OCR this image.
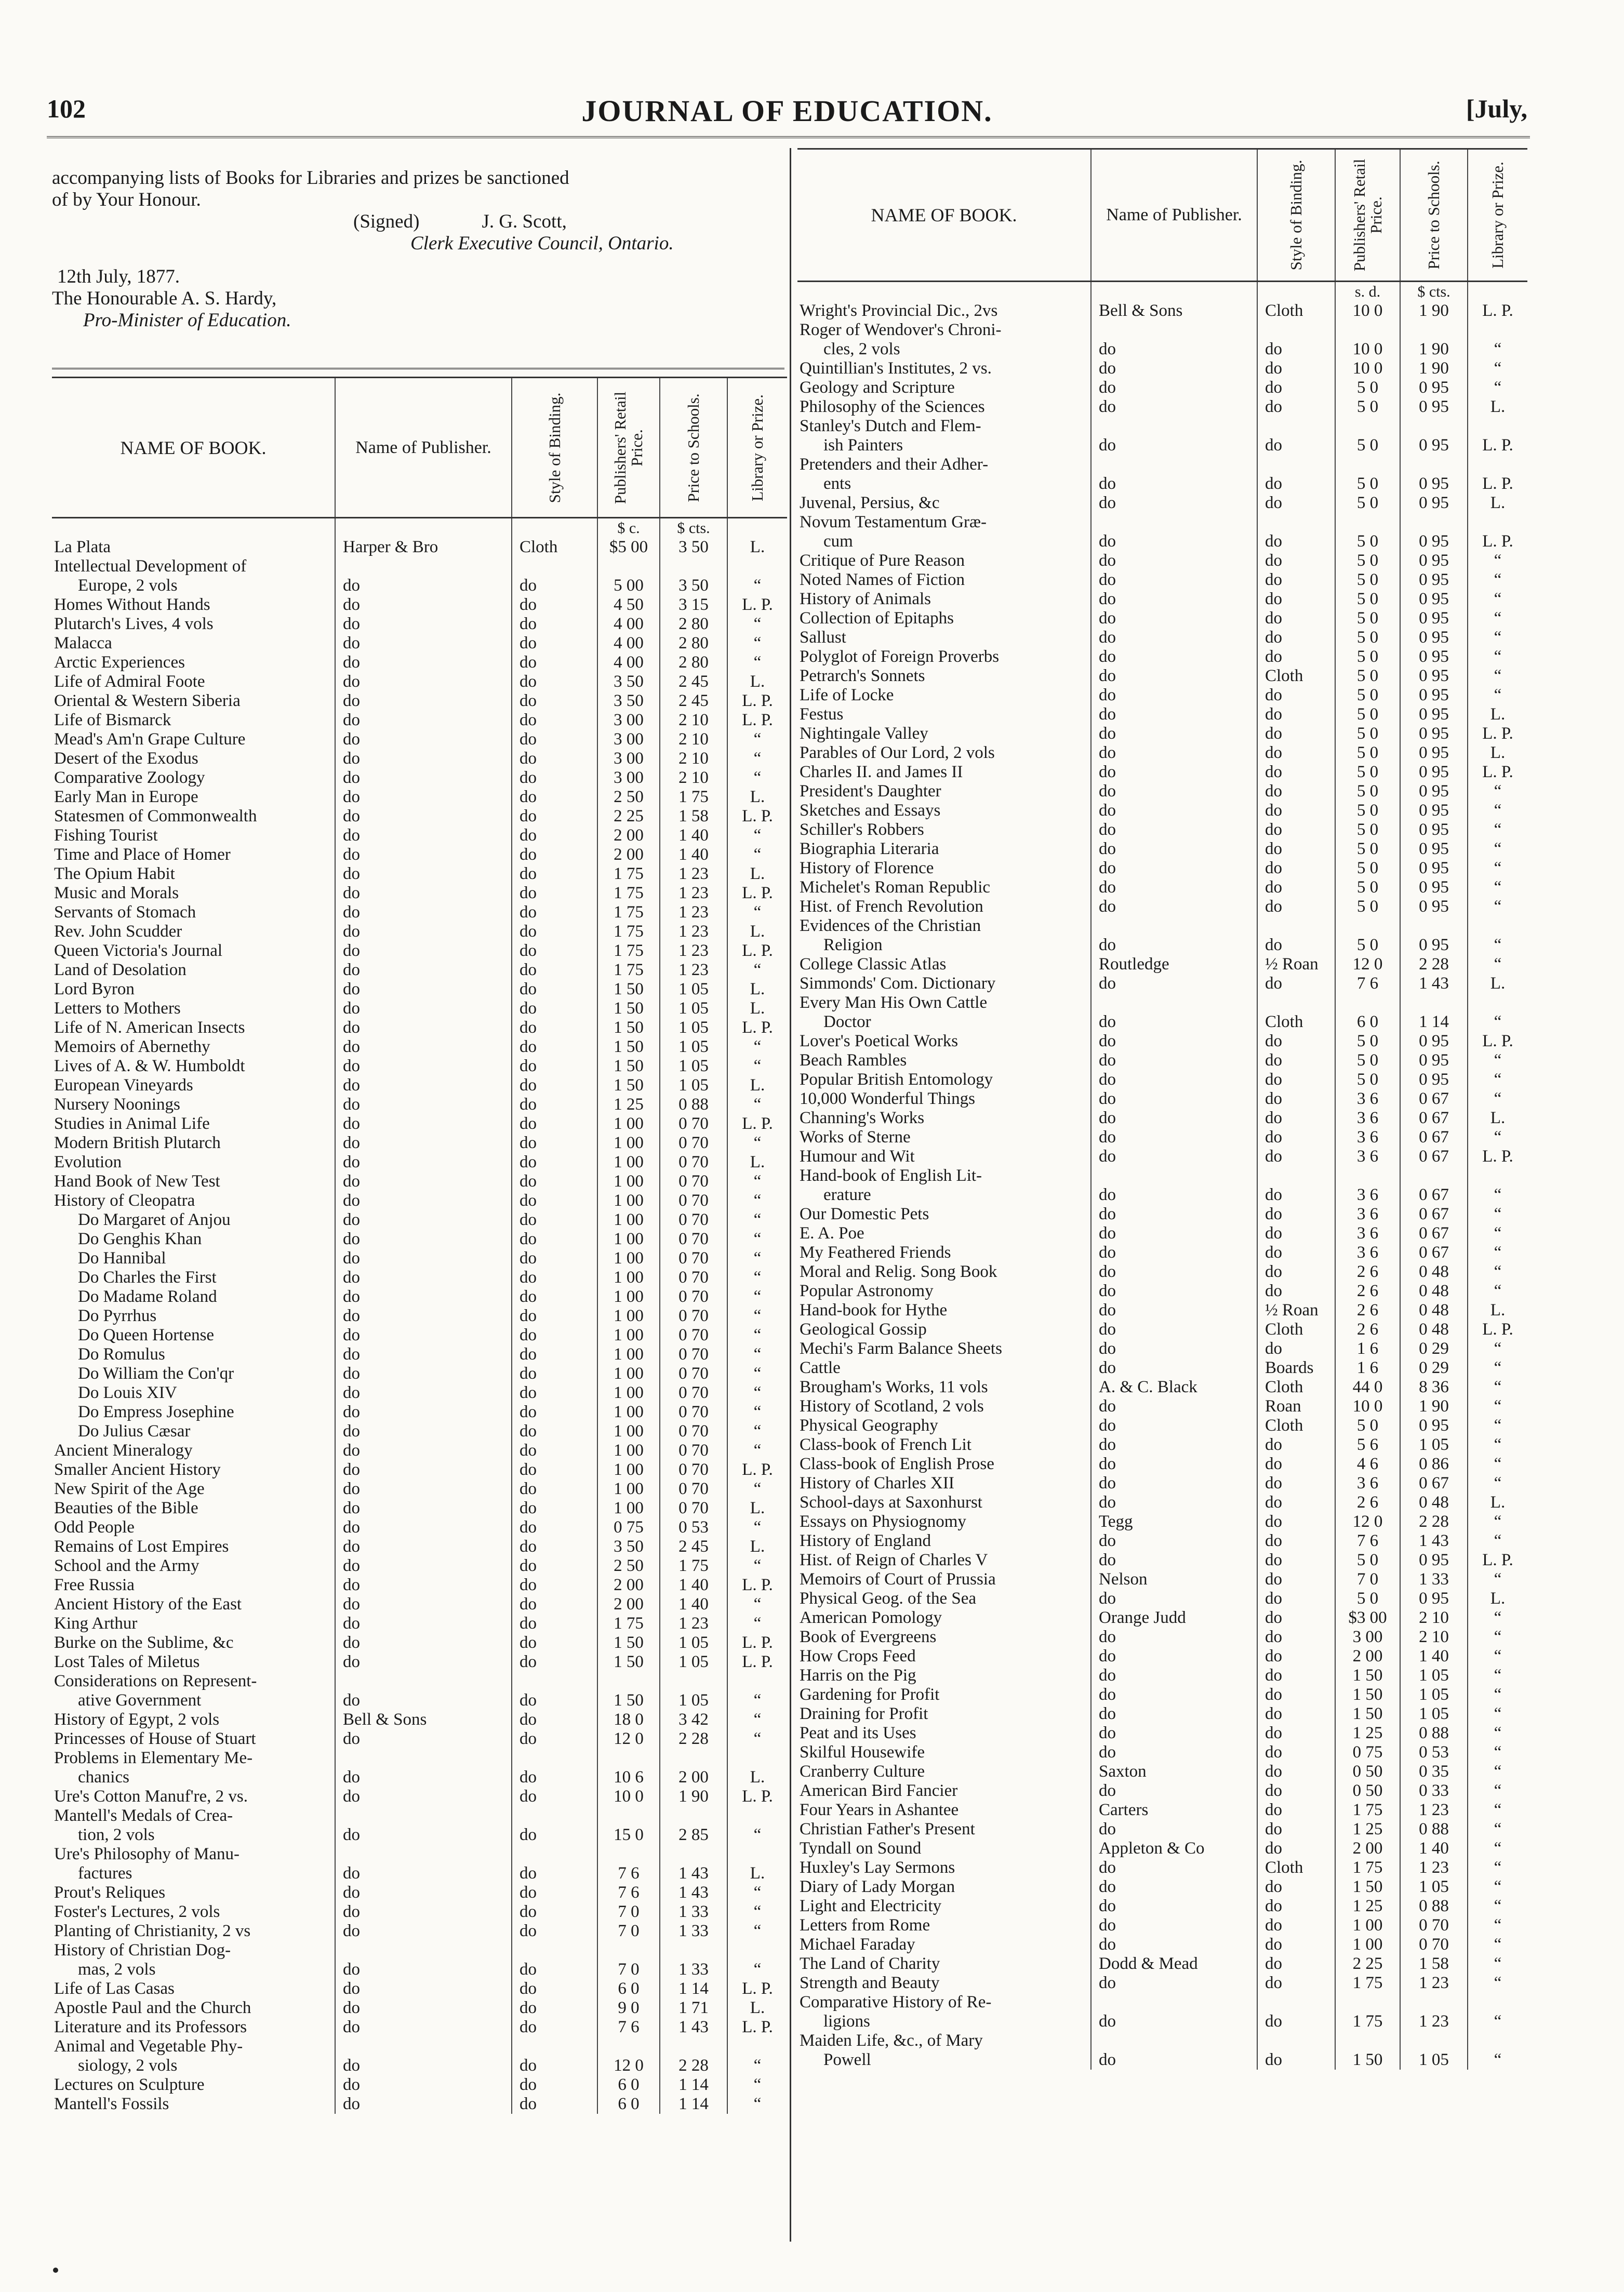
102	JOURNAL OF EDUCATION.	[July,
accompanying lists of Books for Libraries and prizes be sanctioned
of by Your Honour.
(Signed)	J. G. Scott,
Clerk Executive Council, Ontario.
12th July, 1877.
The Honourable A. S. Hardy,
Pro-Minister of Education.
NAME OF BOOK.	Name of Publisher.	Style of Binding.	Publishers' Retail Price.	Price to Schools.	Library or Prize.

			$ c.	$ cts.	
La Plata	Harper & Bro	Cloth	$5 00	3 50	L.
Intellectual Development of					
Europe, 2 vols	do	do	5 00	3 50	“
Homes Without Hands	do	do	4 50	3 15	L. P.
Plutarch's Lives, 4 vols	do	do	4 00	2 80	“
Malacca	do	do	4 00	2 80	“
Arctic Experiences	do	do	4 00	2 80	“
Life of Admiral Foote	do	do	3 50	2 45	L.
Oriental & Western Siberia	do	do	3 50	2 45	L. P.
Life of Bismarck	do	do	3 00	2 10	L. P.
Mead's Am'n Grape Culture	do	do	3 00	2 10	“
Desert of the Exodus	do	do	3 00	2 10	“
Comparative Zoology	do	do	3 00	2 10	“
Early Man in Europe	do	do	2 50	1 75	L.
Statesmen of Commonwealth	do	do	2 25	1 58	L. P.
Fishing Tourist	do	do	2 00	1 40	“
Time and Place of Homer	do	do	2 00	1 40	“
The Opium Habit	do	do	1 75	1 23	L.
Music and Morals	do	do	1 75	1 23	L. P.
Servants of Stomach	do	do	1 75	1 23	“
Rev. John Scudder	do	do	1 75	1 23	L.
Queen Victoria's Journal	do	do	1 75	1 23	L. P.
Land of Desolation	do	do	1 75	1 23	“
Lord Byron	do	do	1 50	1 05	L.
Letters to Mothers	do	do	1 50	1 05	L.
Life of N. American Insects	do	do	1 50	1 05	L. P.
Memoirs of Abernethy	do	do	1 50	1 05	“
Lives of A. & W. Humboldt	do	do	1 50	1 05	“
European Vineyards	do	do	1 50	1 05	L.
Nursery Noonings	do	do	1 25	0 88	“
Studies in Animal Life	do	do	1 00	0 70	L. P.
Modern British Plutarch	do	do	1 00	0 70	“
Evolution	do	do	1 00	0 70	L.
Hand Book of New Test	do	do	1 00	0 70	“
History of Cleopatra	do	do	1 00	0 70	“
Do Margaret of Anjou	do	do	1 00	0 70	“
Do Genghis Khan	do	do	1 00	0 70	“
Do Hannibal	do	do	1 00	0 70	“
Do Charles the First	do	do	1 00	0 70	“
Do Madame Roland	do	do	1 00	0 70	“
Do Pyrrhus	do	do	1 00	0 70	“
Do Queen Hortense	do	do	1 00	0 70	“
Do Romulus	do	do	1 00	0 70	“
Do William the Con'qr	do	do	1 00	0 70	“
Do Louis XIV	do	do	1 00	0 70	“
Do Empress Josephine	do	do	1 00	0 70	“
Do Julius Cæsar	do	do	1 00	0 70	“
Ancient Mineralogy	do	do	1 00	0 70	“
Smaller Ancient History	do	do	1 00	0 70	L. P.
New Spirit of the Age	do	do	1 00	0 70	“
Beauties of the Bible	do	do	1 00	0 70	L.
Odd People	do	do	0 75	0 53	“
Remains of Lost Empires	do	do	3 50	2 45	L.
School and the Army	do	do	2 50	1 75	“
Free Russia	do	do	2 00	1 40	L. P.
Ancient History of the East	do	do	2 00	1 40	“
King Arthur	do	do	1 75	1 23	“
Burke on the Sublime, &c	do	do	1 50	1 05	L. P.
Lost Tales of Miletus	do	do	1 50	1 05	L. P.
Considerations on Represent-					
ative Government	do	do	1 50	1 05	“
History of Egypt, 2 vols	Bell & Sons	do	18 0	3 42	“
Princesses of House of Stuart	do	do	12 0	2 28	“
Problems in Elementary Me-					
chanics	do	do	10 6	2 00	L.
Ure's Cotton Manuf're, 2 vs.	do	do	10 0	1 90	L. P.
Mantell's Medals of Crea-					
tion, 2 vols	do	do	15 0	2 85	“
Ure's Philosophy of Manu-					
factures	do	do	7 6	1 43	L.
Prout's Reliques	do	do	7 6	1 43	“
Foster's Lectures, 2 vols	do	do	7 0	1 33	“
Planting of Christianity, 2 vs	do	do	7 0	1 33	“
History of Christian Dog-					
mas, 2 vols	do	do	7 0	1 33	“
Life of Las Casas	do	do	6 0	1 14	L. P.
Apostle Paul and the Church	do	do	9 0	1 71	L.
Literature and its Professors	do	do	7 6	1 43	L. P.
Animal and Vegetable Phy-					
siology, 2 vols	do	do	12 0	2 28	“
Lectures on Sculpture	do	do	6 0	1 14	“
Mantell's Fossils	do	do	6 0	1 14	“
NAME OF BOOK.	Name of Publisher.	Style of Binding.	Publishers' Retail Price.	Price to Schools.	Library or Prize.

			s. d.	$ cts.	
Wright's Provincial Dic., 2vs	Bell & Sons	Cloth	10 0	1 90	L. P.
Roger of Wendover's Chroni-					
cles, 2 vols	do	do	10 0	1 90	“
Quintillian's Institutes, 2 vs.	do	do	10 0	1 90	“
Geology and Scripture	do	do	5 0	0 95	“
Philosophy of the Sciences	do	do	5 0	0 95	L.
Stanley's Dutch and Flem-					
ish Painters	do	do	5 0	0 95	L. P.
Pretenders and their Adher-					
ents	do	do	5 0	0 95	L. P.
Juvenal, Persius, &c	do	do	5 0	0 95	L.
Novum Testamentum Græ-					
cum	do	do	5 0	0 95	L. P.
Critique of Pure Reason	do	do	5 0	0 95	“
Noted Names of Fiction	do	do	5 0	0 95	“
History of Animals	do	do	5 0	0 95	“
Collection of Epitaphs	do	do	5 0	0 95	“
Sallust	do	do	5 0	0 95	“
Polyglot of Foreign Proverbs	do	do	5 0	0 95	“
Petrarch's Sonnets	do	Cloth	5 0	0 95	“
Life of Locke	do	do	5 0	0 95	“
Festus	do	do	5 0	0 95	L.
Nightingale Valley	do	do	5 0	0 95	L. P.
Parables of Our Lord, 2 vols	do	do	5 0	0 95	L.
Charles II. and James II	do	do	5 0	0 95	L. P.
President's Daughter	do	do	5 0	0 95	“
Sketches and Essays	do	do	5 0	0 95	“
Schiller's Robbers	do	do	5 0	0 95	“
Biographia Literaria	do	do	5 0	0 95	“
History of Florence	do	do	5 0	0 95	“
Michelet's Roman Republic	do	do	5 0	0 95	“
Hist. of French Revolution	do	do	5 0	0 95	“
Evidences of the Christian					
Religion	do	do	5 0	0 95	“
College Classic Atlas	Routledge	½ Roan	12 0	2 28	“
Simmonds' Com. Dictionary	do	do	7 6	1 43	L.
Every Man His Own Cattle					
Doctor	do	Cloth	6 0	1 14	“
Lover's Poetical Works	do	do	5 0	0 95	L. P.
Beach Rambles	do	do	5 0	0 95	“
Popular British Entomology	do	do	5 0	0 95	“
10,000 Wonderful Things	do	do	3 6	0 67	“
Channing's Works	do	do	3 6	0 67	L.
Works of Sterne	do	do	3 6	0 67	“
Humour and Wit	do	do	3 6	0 67	L. P.
Hand-book of English Lit-					
erature	do	do	3 6	0 67	“
Our Domestic Pets	do	do	3 6	0 67	“
E. A. Poe	do	do	3 6	0 67	“
My Feathered Friends	do	do	3 6	0 67	“
Moral and Relig. Song Book	do	do	2 6	0 48	“
Popular Astronomy	do	do	2 6	0 48	“
Hand-book for Hythe	do	½ Roan	2 6	0 48	L.
Geological Gossip	do	Cloth	2 6	0 48	L. P.
Mechi's Farm Balance Sheets	do	do	1 6	0 29	“
Cattle	do	Boards	1 6	0 29	“
Brougham's Works, 11 vols	A. & C. Black	Cloth	44 0	8 36	“
History of Scotland, 2 vols	do	Roan	10 0	1 90	“
Physical Geography	do	Cloth	5 0	0 95	“
Class-book of French Lit	do	do	5 6	1 05	“
Class-book of English Prose	do	do	4 6	0 86	“
History of Charles XII	do	do	3 6	0 67	“
School-days at Saxonhurst	do	do	2 6	0 48	L.
Essays on Physiognomy	Tegg	do	12 0	2 28	“
History of England	do	do	7 6	1 43	“
Hist. of Reign of Charles V	do	do	5 0	0 95	L. P.
Memoirs of Court of Prussia	Nelson	do	7 0	1 33	“
Physical Geog. of the Sea	do	do	5 0	0 95	L.
American Pomology	Orange Judd	do	$3 00	2 10	“
Book of Evergreens	do	do	3 00	2 10	“
How Crops Feed	do	do	2 00	1 40	“
Harris on the Pig	do	do	1 50	1 05	“
Gardening for Profit	do	do	1 50	1 05	“
Draining for Profit	do	do	1 50	1 05	“
Peat and its Uses	do	do	1 25	0 88	“
Skilful Housewife	do	do	0 75	0 53	“
Cranberry Culture	Saxton	do	0 50	0 35	“
American Bird Fancier	do	do	0 50	0 33	“
Four Years in Ashantee	Carters	do	1 75	1 23	“
Christian Father's Present	do	do	1 25	0 88	“
Tyndall on Sound	Appleton & Co	do	2 00	1 40	“
Huxley's Lay Sermons	do	Cloth	1 75	1 23	“
Diary of Lady Morgan	do	do	1 50	1 05	“
Light and Electricity	do	do	1 25	0 88	“
Letters from Rome	do	do	1 00	0 70	“
Michael Faraday	do	do	1 00	0 70	“
The Land of Charity	Dodd & Mead	do	2 25	1 58	“
Strength and Beauty	do	do	1 75	1 23	“
Comparative History of Re-					
ligions	do	do	1 75	1 23	“
Maiden Life, &c., of Mary					
Powell	do	do	1 50	1 05	“
